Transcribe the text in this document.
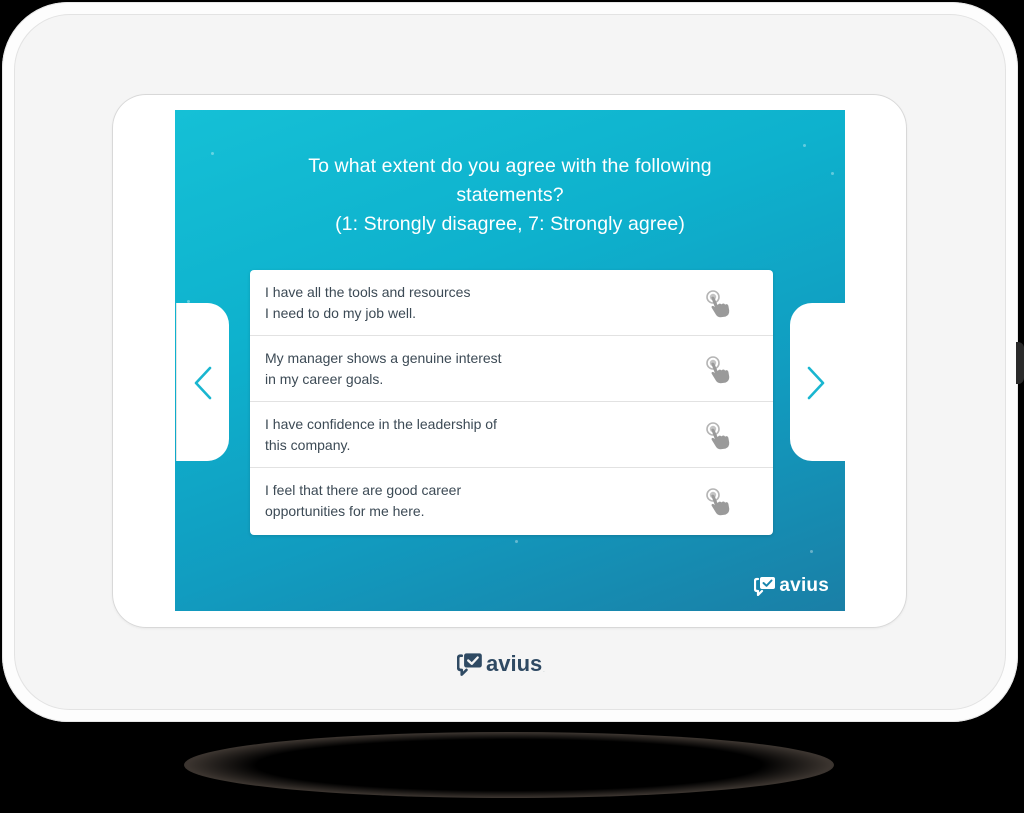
To what extent do you agree with the following
statements?
(1: Strongly disagree, 7: Strongly agree)
I have all the tools and resources
I need to do my job well.
My manager shows a genuine interest
in my career goals.
I have confidence in the leadership of
this company.
I feel that there are good career
opportunities for me here.
avius
avius .
